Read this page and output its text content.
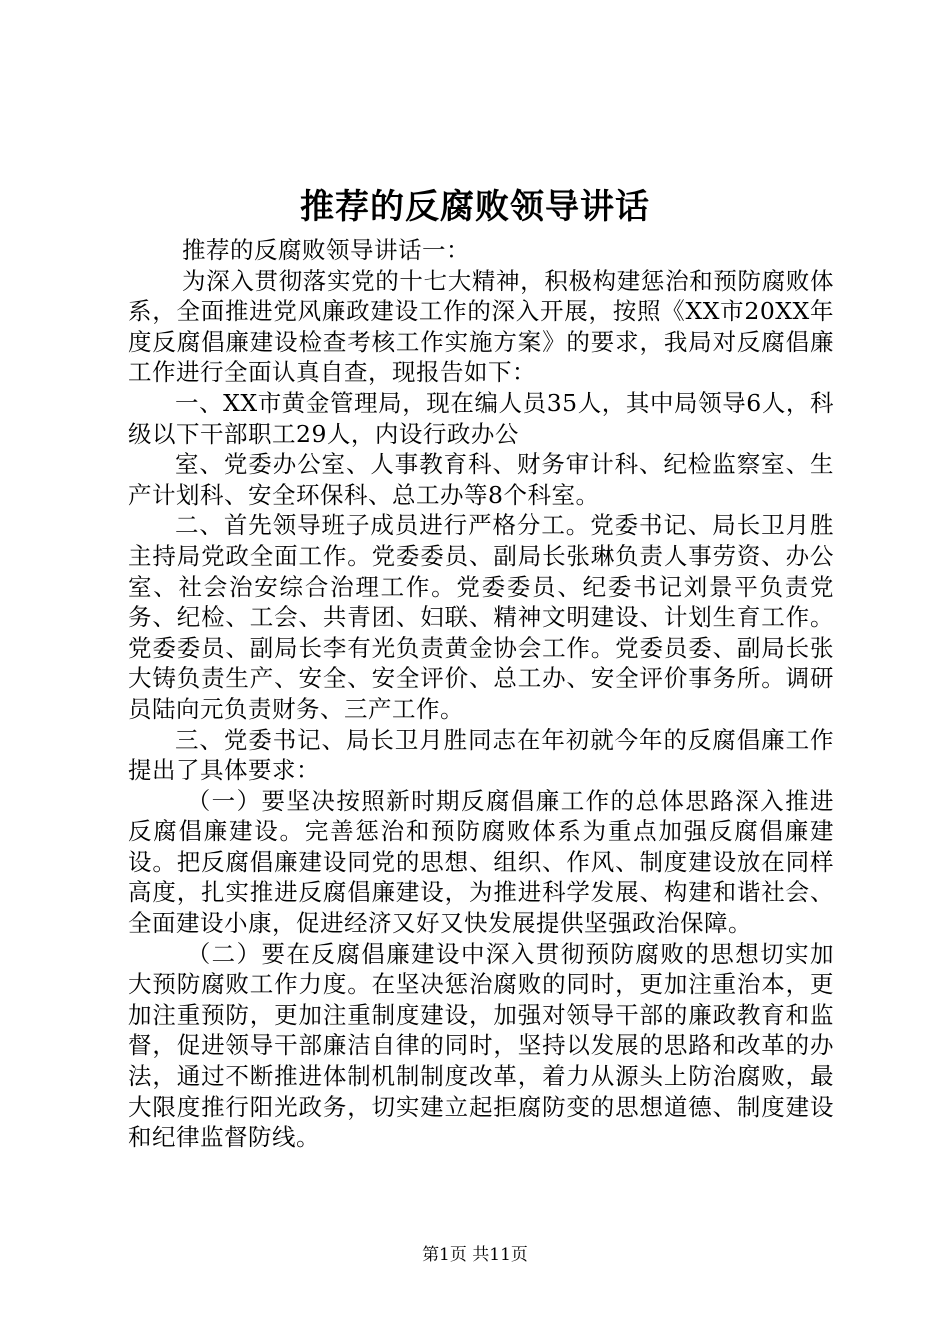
推荐的反腐败领导讲话

推荐的反腐败领导讲话一：

为深入贯彻落实党的十七大精神，积极构建惩治和预防腐败体系，全面推进党风廉政建设工作的深入开展，按照《XX市20XX年度反腐倡廉建设检查考核工作实施方案》的要求，我局对反腐倡廉工作进行全面认真自查，现报告如下：

一、XX市黄金管理局，现在编人员35人，其中局领导6人，科级以下干部职工29人，内设行政办公

室、党委办公室、人事教育科、财务审计科、纪检监察室、生产计划科、安全环保科、总工办等8个科室。

二、首先领导班子成员进行严格分工。党委书记、局长卫月胜主持局党政全面工作。党委委员、副局长张琳负责人事劳资、办公室、社会治安综合治理工作。党委委员、纪委书记刘景平负责党务、纪检、工会、共青团、妇联、精神文明建设、计划生育工作。党委委员、副局长李有光负责黄金协会工作。党委员委、副局长张大铸负责生产、安全、安全评价、总工办、安全评价事务所。调研员陆向元负责财务、三产工作。

三、党委书记、局长卫月胜同志在年初就今年的反腐倡廉工作提出了具体要求：

（一）要坚决按照新时期反腐倡廉工作的总体思路深入推进反腐倡廉建设。完善惩治和预防腐败体系为重点加强反腐倡廉建设。把反腐倡廉建设同党的思想、组织、作风、制度建设放在同样高度，扎实推进反腐倡廉建设，为推进科学发展、构建和谐社会、全面建设小康，促进经济又好又快发展提供坚强政治保障。

（二）要在反腐倡廉建设中深入贯彻预防腐败的思想切实加大预防腐败工作力度。在坚决惩治腐败的同时，更加注重治本，更加注重预防，更加注重制度建设，加强对领导干部的廉政教育和监督，促进领导干部廉洁自律的同时，坚持以发展的思路和改革的办法，通过不断推进体制机制制度改革，着力从源头上防治腐败，最大限度推行阳光政务，切实建立起拒腐防变的思想道德、制度建设和纪律监督防线。

第1页 共11页
